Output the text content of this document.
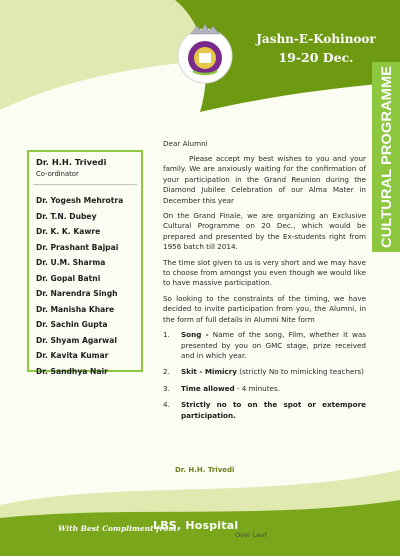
Jashn-E-Kohinoor
19-20 Dec.
CULTURAL PROGRAMME
Dr. H.H. Trivedi
Co-ordinator
Dr. Yogesh Mehrotra
Dr. T.N. Dubey
Dr. K. K. Kawre
Dr. Prashant Bajpai
Dr. U.M. Sharma
Dr. Gopal Batni
Dr. Narendra Singh
Dr. Manisha Khare
Dr. Sachin Gupta
Dr. Shyam Agarwal
Dr. Kavita Kumar
Dr. Sandhya Nair

Dear Alumni

Please accept my best wishes to you and your family. We are anxiously waiting for the confirmation of your participation in the Grand Reunion during the Diamond Jubilee Celebration of our Alma Mater in December this year

On the Grand Finale, we are organizing an Exclusive Cultural Programme on 20 Dec., which would be prepared and presented by the Ex-students right from 1956 batch till 2014.

The time slot given to us is very short and we may have to choose from amongst you even though we would like to have massive participation.

So looking to the constraints of the timing, we have decided to invite participation from you, the Alumni, in the form of full details in Alumni Nite form

1.	Song - Name of the song, Film, whether it was presented by you on GMC stage, prize received and in which year.
2.	Skit - Mimicry (strictly No to mimicking teachers)
3.	Time allowed - 4 minutes.
4.	Strictly no to on the spot or extempore participation.
Dr. H.H. Trivedi
With Best Compliment from
LBS, Hospital
Over Leaf
